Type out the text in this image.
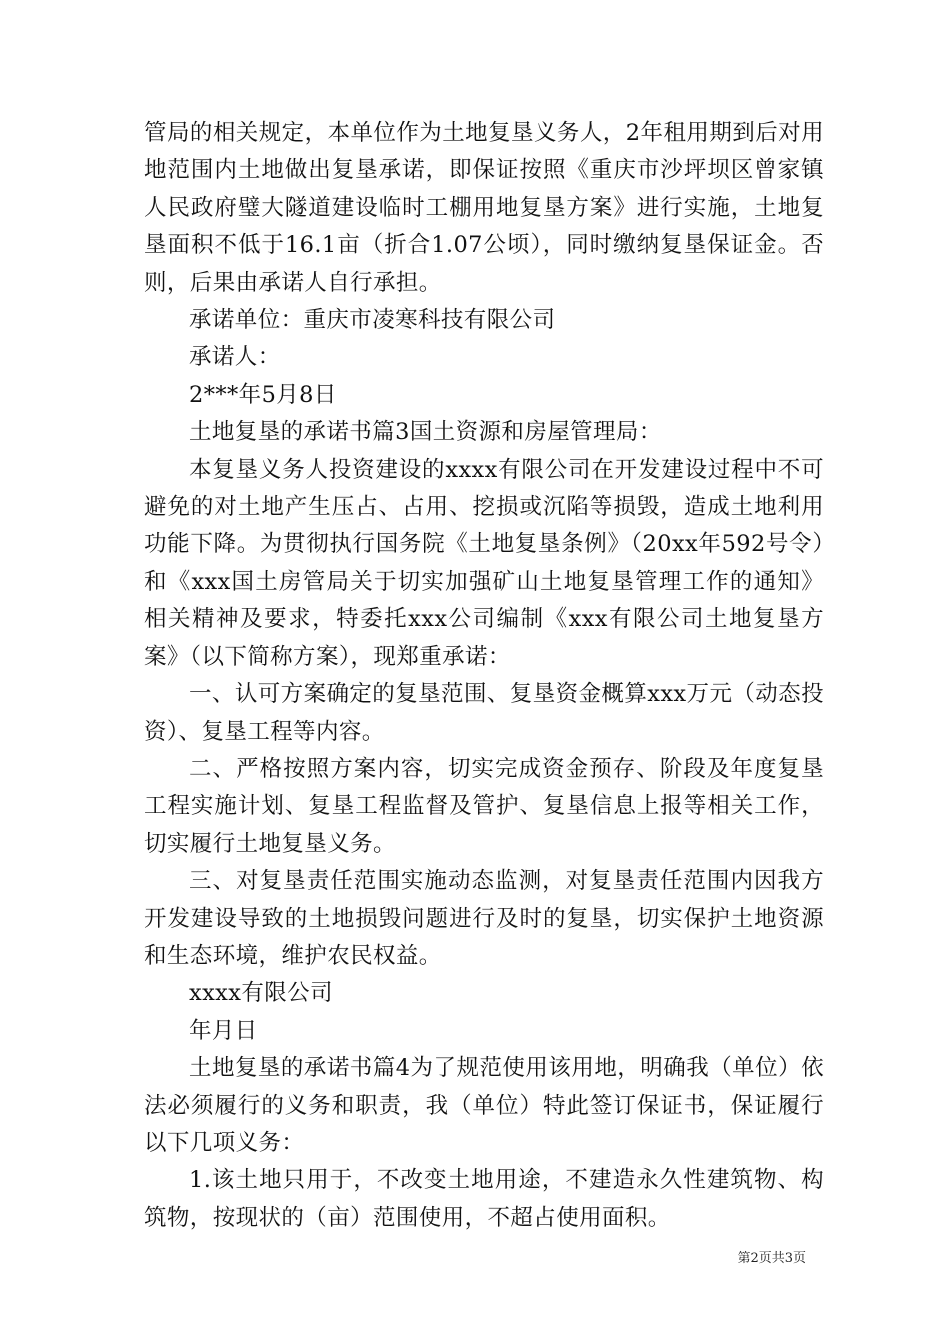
管局的相关规定，本单位作为土地复垦义务人，2年租用期到后对用地范围内土地做出复垦承诺，即保证按照《重庆市沙坪坝区曾家镇人民政府璧大隧道建设临时工棚用地复垦方案》进行实施，土地复垦面积不低于16.1亩（折合1.07公顷），同时缴纳复垦保证金。否则，后果由承诺人自行承担。

承诺单位：重庆市凌寒科技有限公司

承诺人：

2***年5月8日

土地复垦的承诺书篇3国土资源和房屋管理局：

本复垦义务人投资建设的xxxx有限公司在开发建设过程中不可避免的对土地产生压占、占用、挖损或沉陷等损毁，造成土地利用功能下降。为贯彻执行国务院《土地复垦条例》（20xx年592号令）和《xxx国土房管局关于切实加强矿山土地复垦管理工作的通知》相关精神及要求，特委托xxx公司编制《xxx有限公司土地复垦方案》（以下简称方案），现郑重承诺：

一、认可方案确定的复垦范围、复垦资金概算xxx万元（动态投资）、复垦工程等内容。

二、严格按照方案内容，切实完成资金预存、阶段及年度复垦工程实施计划、复垦工程监督及管护、复垦信息上报等相关工作，切实履行土地复垦义务。

三、对复垦责任范围实施动态监测，对复垦责任范围内因我方开发建设导致的土地损毁问题进行及时的复垦，切实保护土地资源和生态环境，维护农民权益。

xxxx有限公司

年月日

土地复垦的承诺书篇4为了规范使用该用地，明确我（单位）依法必须履行的义务和职责，我（单位）特此签订保证书，保证履行以下几项义务：

1.该土地只用于，不改变土地用途，不建造永久性建筑物、构筑物，按现状的（亩）范围使用，不超占使用面积。

第2页共3页
